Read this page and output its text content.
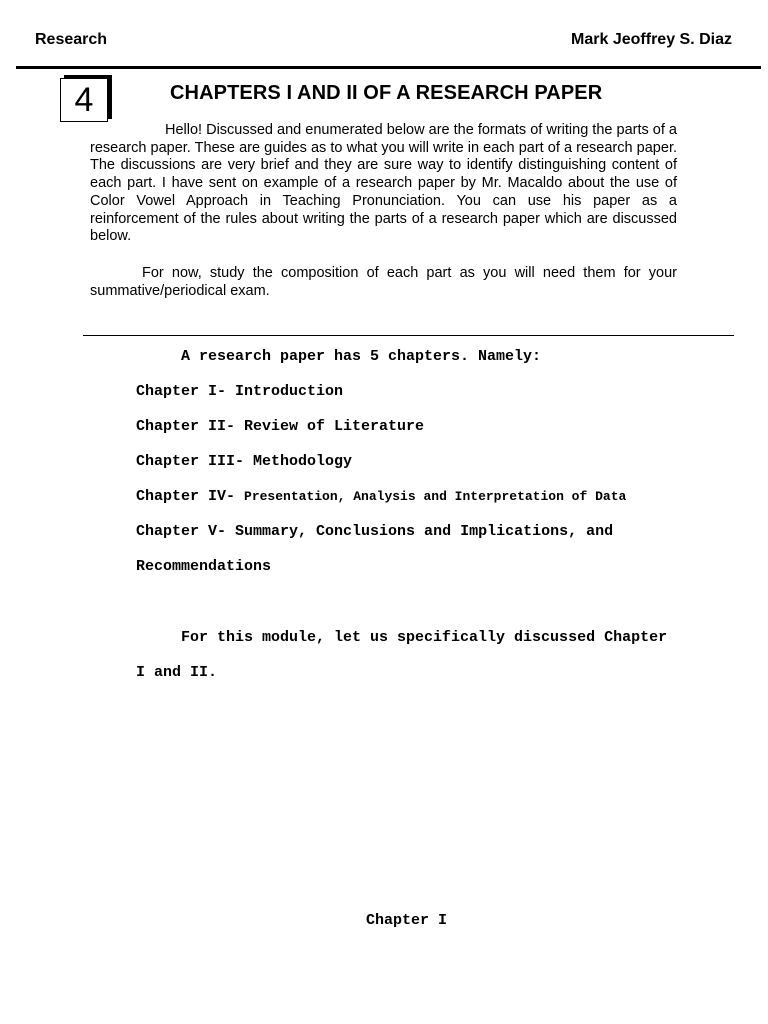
Research	Mark Jeoffrey S. Diaz
4	CHAPTERS I AND II OF A RESEARCH PAPER

Hello! Discussed and enumerated below are the formats of writing the parts of a research paper. These are guides as to what you will write in each part of a research paper. The discussions are very brief and they are sure way to identify distinguishing content of each part. I have sent on example of a research paper by Mr. Macaldo about the use of Color Vowel Approach in Teaching Pronunciation. You can use his paper as a reinforcement of the rules about writing the parts of a research paper which are discussed below.

For now, study the composition of each part as you will need them for your summative/periodical exam.

A research paper has 5 chapters. Namely:
Chapter I- Introduction
Chapter II- Review of Literature
Chapter III- Methodology
Chapter IV- Presentation, Analysis and Interpretation of Data
Chapter V- Summary, Conclusions and Implications, and
Recommendations
For this module, let us specifically discussed Chapter
I and II.
Chapter I
